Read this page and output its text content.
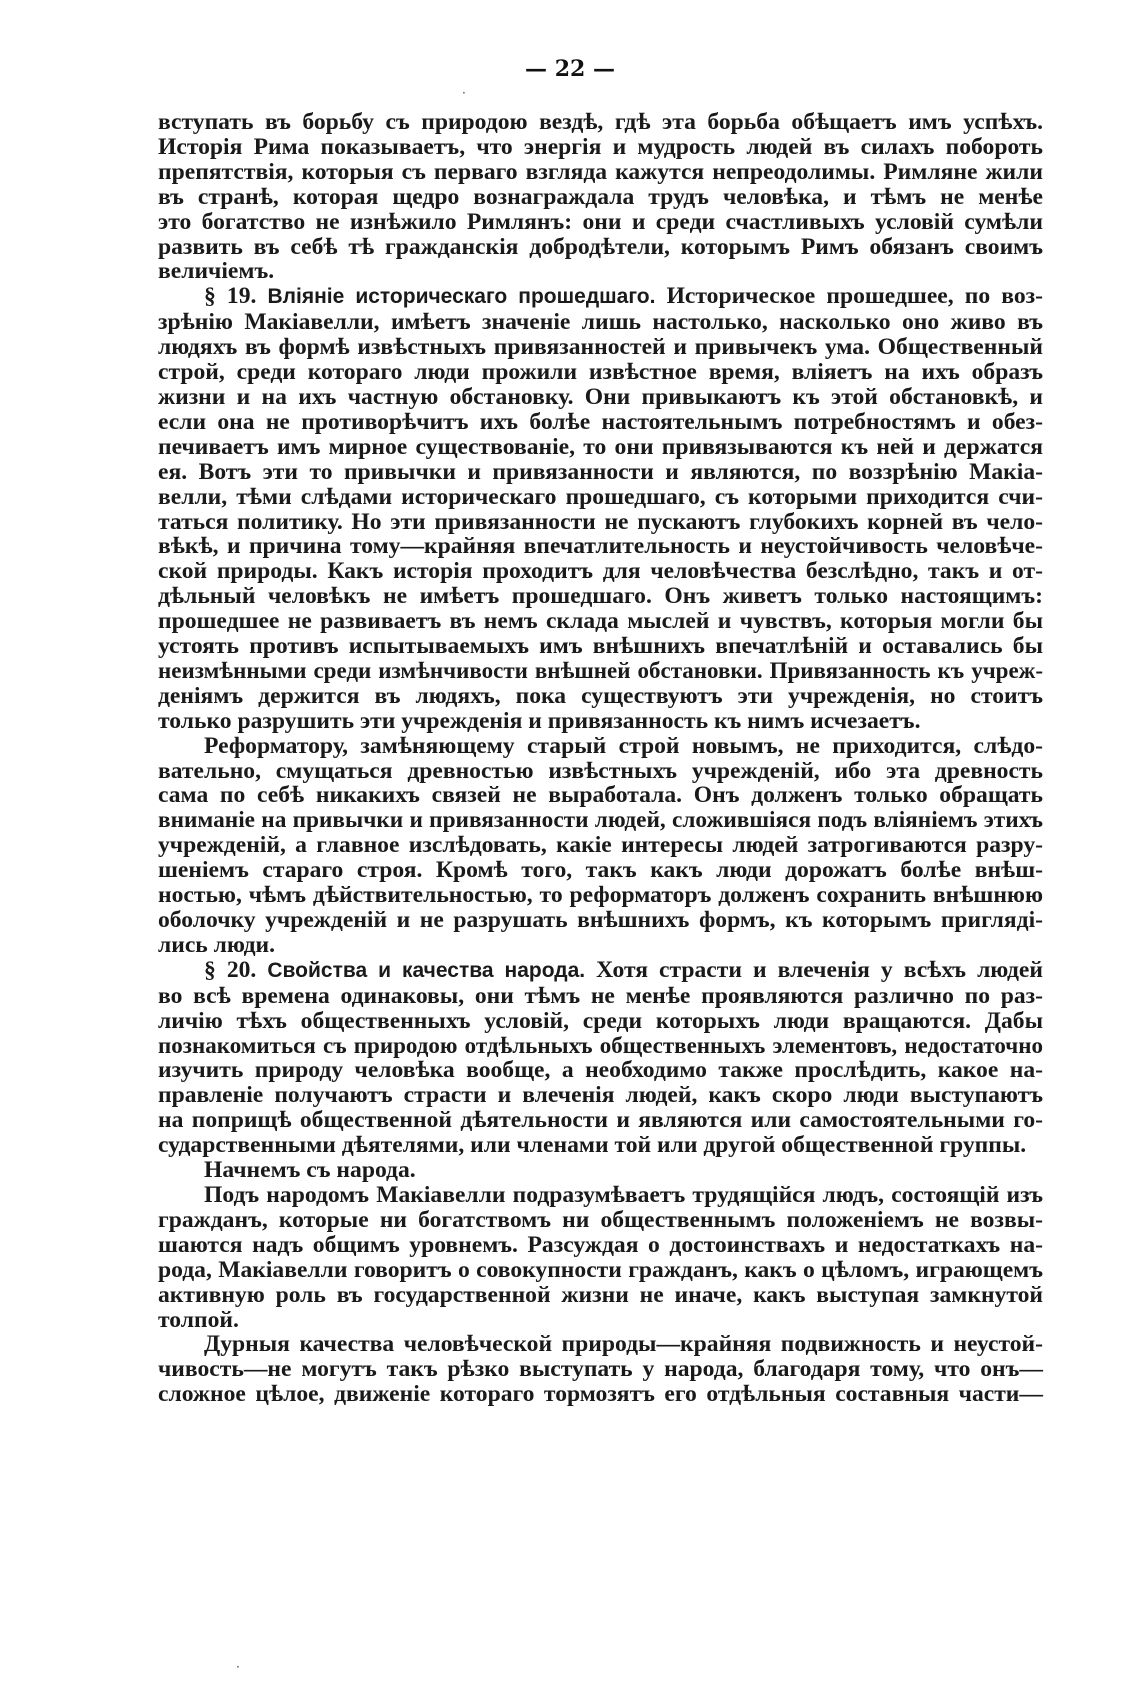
— 22 —
вступать въ борьбу съ природою вездѣ, гдѣ эта борьба обѣщаетъ имъ успѣхъ.
Исторія Рима показываетъ, что энергія и мудрость людей въ силахъ побороть
препятствія, которыя съ перваго взгляда кажутся непреодолимы. Римляне жили
въ странѣ, которая щедро вознаграждала трудъ человѣка, и тѣмъ не менѣе
это богатство не изнѣжило Римлянъ: они и среди счастливыхъ условій сумѣли
развить въ себѣ тѣ гражданскія добродѣтели, которымъ Римъ обязанъ своимъ
величіемъ.
§ 19. Вліяніе историческаго прошедшаго. Историческое прошедшее, по воз-
зрѣнію Макіавелли, имѣетъ значеніе лишь настолько, насколько оно живо въ
людяхъ въ формѣ извѣстныхъ привязанностей и привычекъ ума. Общественный
строй, среди котораго люди прожили извѣстное время, вліяетъ на ихъ образъ
жизни и на ихъ частную обстановку. Они привыкаютъ къ этой обстановкѣ, и
если она не противорѣчитъ ихъ болѣе настоятельнымъ потребностямъ и обез-
печиваетъ имъ мирное существованіе, то они привязываются къ ней и держатся
ея. Вотъ эти то привычки и привязанности и являются, по воззрѣнію Макіа-
велли, тѣми слѣдами историческаго прошедшаго, съ которыми приходится счи-
таться политику. Но эти привязанности не пускаютъ глубокихъ корней въ чело-
вѣкѣ, и причина тому—крайняя впечатлительность и неустойчивость человѣче-
ской природы. Какъ исторія проходитъ для человѣчества безслѣдно, такъ и от-
дѣльный человѣкъ не имѣетъ прошедшаго. Онъ живетъ только настоящимъ:
прошедшее не развиваетъ въ немъ склада мыслей и чувствъ, которыя могли бы
устоять противъ испытываемыхъ имъ внѣшнихъ впечатлѣній и оставались бы
неизмѣнными среди измѣнчивости внѣшней обстановки. Привязанность къ учреж-
деніямъ держится въ людяхъ, пока существуютъ эти учрежденія, но стоитъ
только разрушить эти учрежденія и привязанность къ нимъ исчезаетъ.
Реформатору, замѣняющему старый строй новымъ, не приходится, слѣдо-
вательно, смущаться древностью извѣстныхъ учрежденій, ибо эта древность
сама по себѣ никакихъ связей не выработала. Онъ долженъ только обращать
вниманіе на привычки и привязанности людей, сложившіяся подъ вліяніемъ этихъ
учрежденій, а главное изслѣдовать, какіе интересы людей затрогиваются разру-
шеніемъ стараго строя. Кромѣ того, такъ какъ люди дорожатъ болѣе внѣш-
ностью, чѣмъ дѣйствительностью, то реформаторъ долженъ сохранить внѣшнюю
оболочку учрежденій и не разрушать внѣшнихъ формъ, къ которымъ пригляді-
лись люди.
§ 20. Свойства и качества народа. Хотя страсти и влеченія у всѣхъ людей
во всѣ времена одинаковы, они тѣмъ не менѣе проявляются различно по раз-
личію тѣхъ общественныхъ условій, среди которыхъ люди вращаются. Дабы
познакомиться съ природою отдѣльныхъ общественныхъ элементовъ, недостаточно
изучить природу человѣка вообще, а необходимо также прослѣдить, какое на-
правленіе получаютъ страсти и влеченія людей, какъ скоро люди выступаютъ
на поприщѣ общественной дѣятельности и являются или самостоятельными го-
сударственными дѣятелями, или членами той или другой общественной группы.
Начнемъ съ народа.
Подъ народомъ Макіавелли подразумѣваетъ трудящійся людъ, состоящій изъ
гражданъ, которые ни богатствомъ ни общественнымъ положеніемъ не возвы-
шаются надъ общимъ уровнемъ. Разсуждая о достоинствахъ и недостаткахъ на-
рода, Макіавелли говоритъ о совокупности гражданъ, какъ о цѣломъ, играющемъ
активную роль въ государственной жизни не иначе, какъ выступая замкнутой
толпой.
Дурныя качества человѣческой природы—крайняя подвижность и неустой-
чивость—не могутъ такъ рѣзко выступать у народа, благодаря тому, что онъ—
сложное цѣлое, движеніе котораго тормозятъ его отдѣльныя составныя части—
·
·
